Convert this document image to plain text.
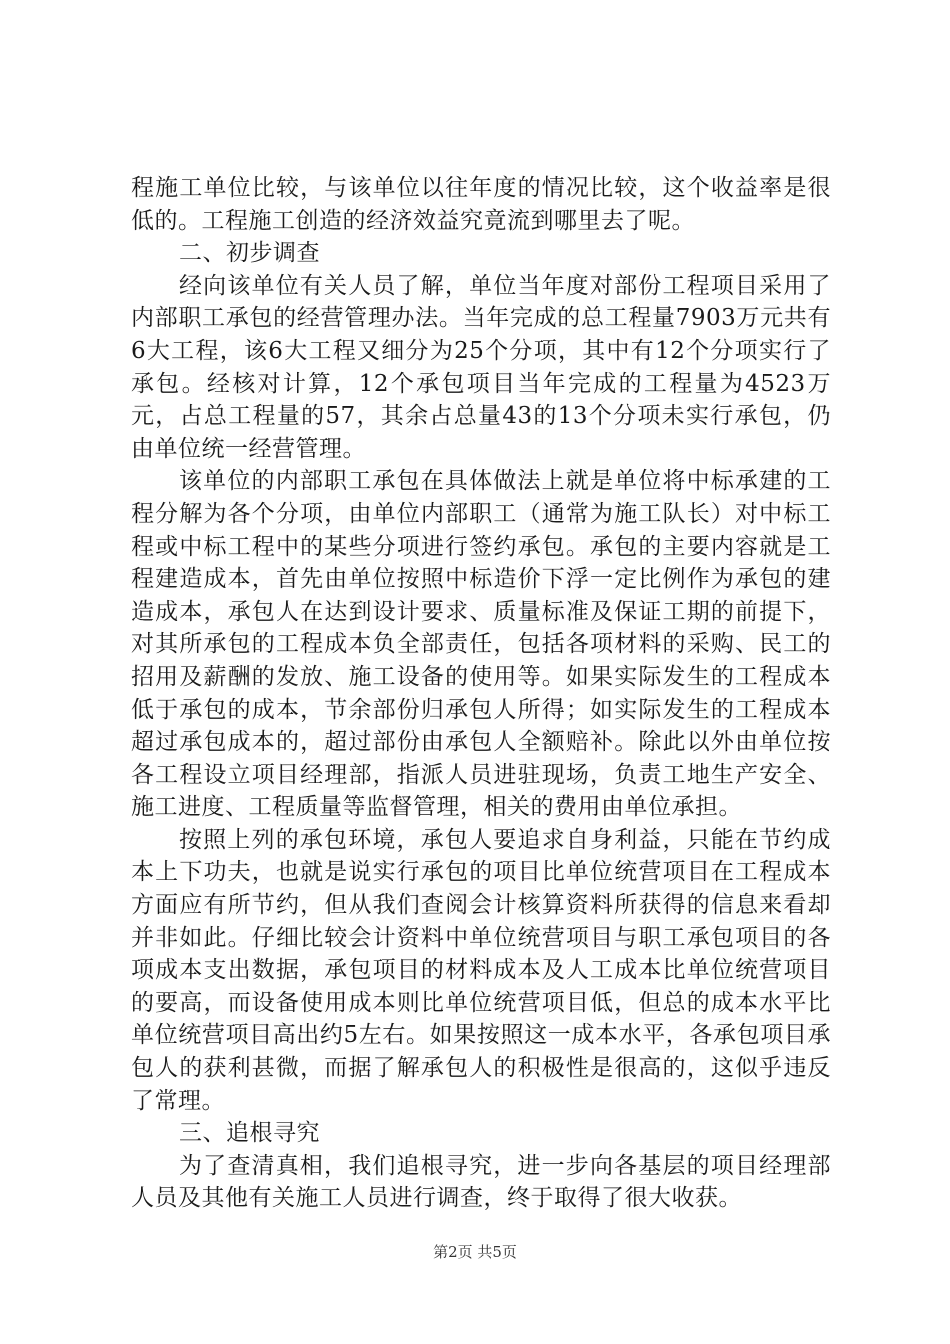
程施工单位比较，与该单位以往年度的情况比较，这个收益率是很低的。工程施工创造的经济效益究竟流到哪里去了呢。

二、初步调查

经向该单位有关人员了解，单位当年度对部份工程项目采用了内部职工承包的经营管理办法。当年完成的总工程量7903万元共有6大工程，该6大工程又细分为25个分项，其中有12个分项实行了承包。经核对计算，12个承包项目当年完成的工程量为4523万元，占总工程量的57，其余占总量43的13个分项未实行承包，仍由单位统一经营管理。

该单位的内部职工承包在具体做法上就是单位将中标承建的工程分解为各个分项，由单位内部职工（通常为施工队长）对中标工程或中标工程中的某些分项进行签约承包。承包的主要内容就是工程建造成本，首先由单位按照中标造价下浮一定比例作为承包的建造成本，承包人在达到设计要求、质量标准及保证工期的前提下，对其所承包的工程成本负全部责任，包括各项材料的采购、民工的招用及薪酬的发放、施工设备的使用等。如果实际发生的工程成本低于承包的成本，节余部份归承包人所得；如实际发生的工程成本超过承包成本的，超过部份由承包人全额赔补。除此以外由单位按各工程设立项目经理部，指派人员进驻现场，负责工地生产安全、施工进度、工程质量等监督管理，相关的费用由单位承担。

按照上列的承包环境，承包人要追求自身利益，只能在节约成本上下功夫，也就是说实行承包的项目比单位统营项目在工程成本方面应有所节约，但从我们查阅会计核算资料所获得的信息来看却并非如此。仔细比较会计资料中单位统营项目与职工承包项目的各项成本支出数据，承包项目的材料成本及人工成本比单位统营项目的要高，而设备使用成本则比单位统营项目低，但总的成本水平比单位统营项目高出约5左右。如果按照这一成本水平，各承包项目承包人的获利甚微，而据了解承包人的积极性是很高的，这似乎违反了常理。

三、追根寻究

为了查清真相，我们追根寻究，进一步向各基层的项目经理部人员及其他有关施工人员进行调查，终于取得了很大收获。

第2页 共5页
